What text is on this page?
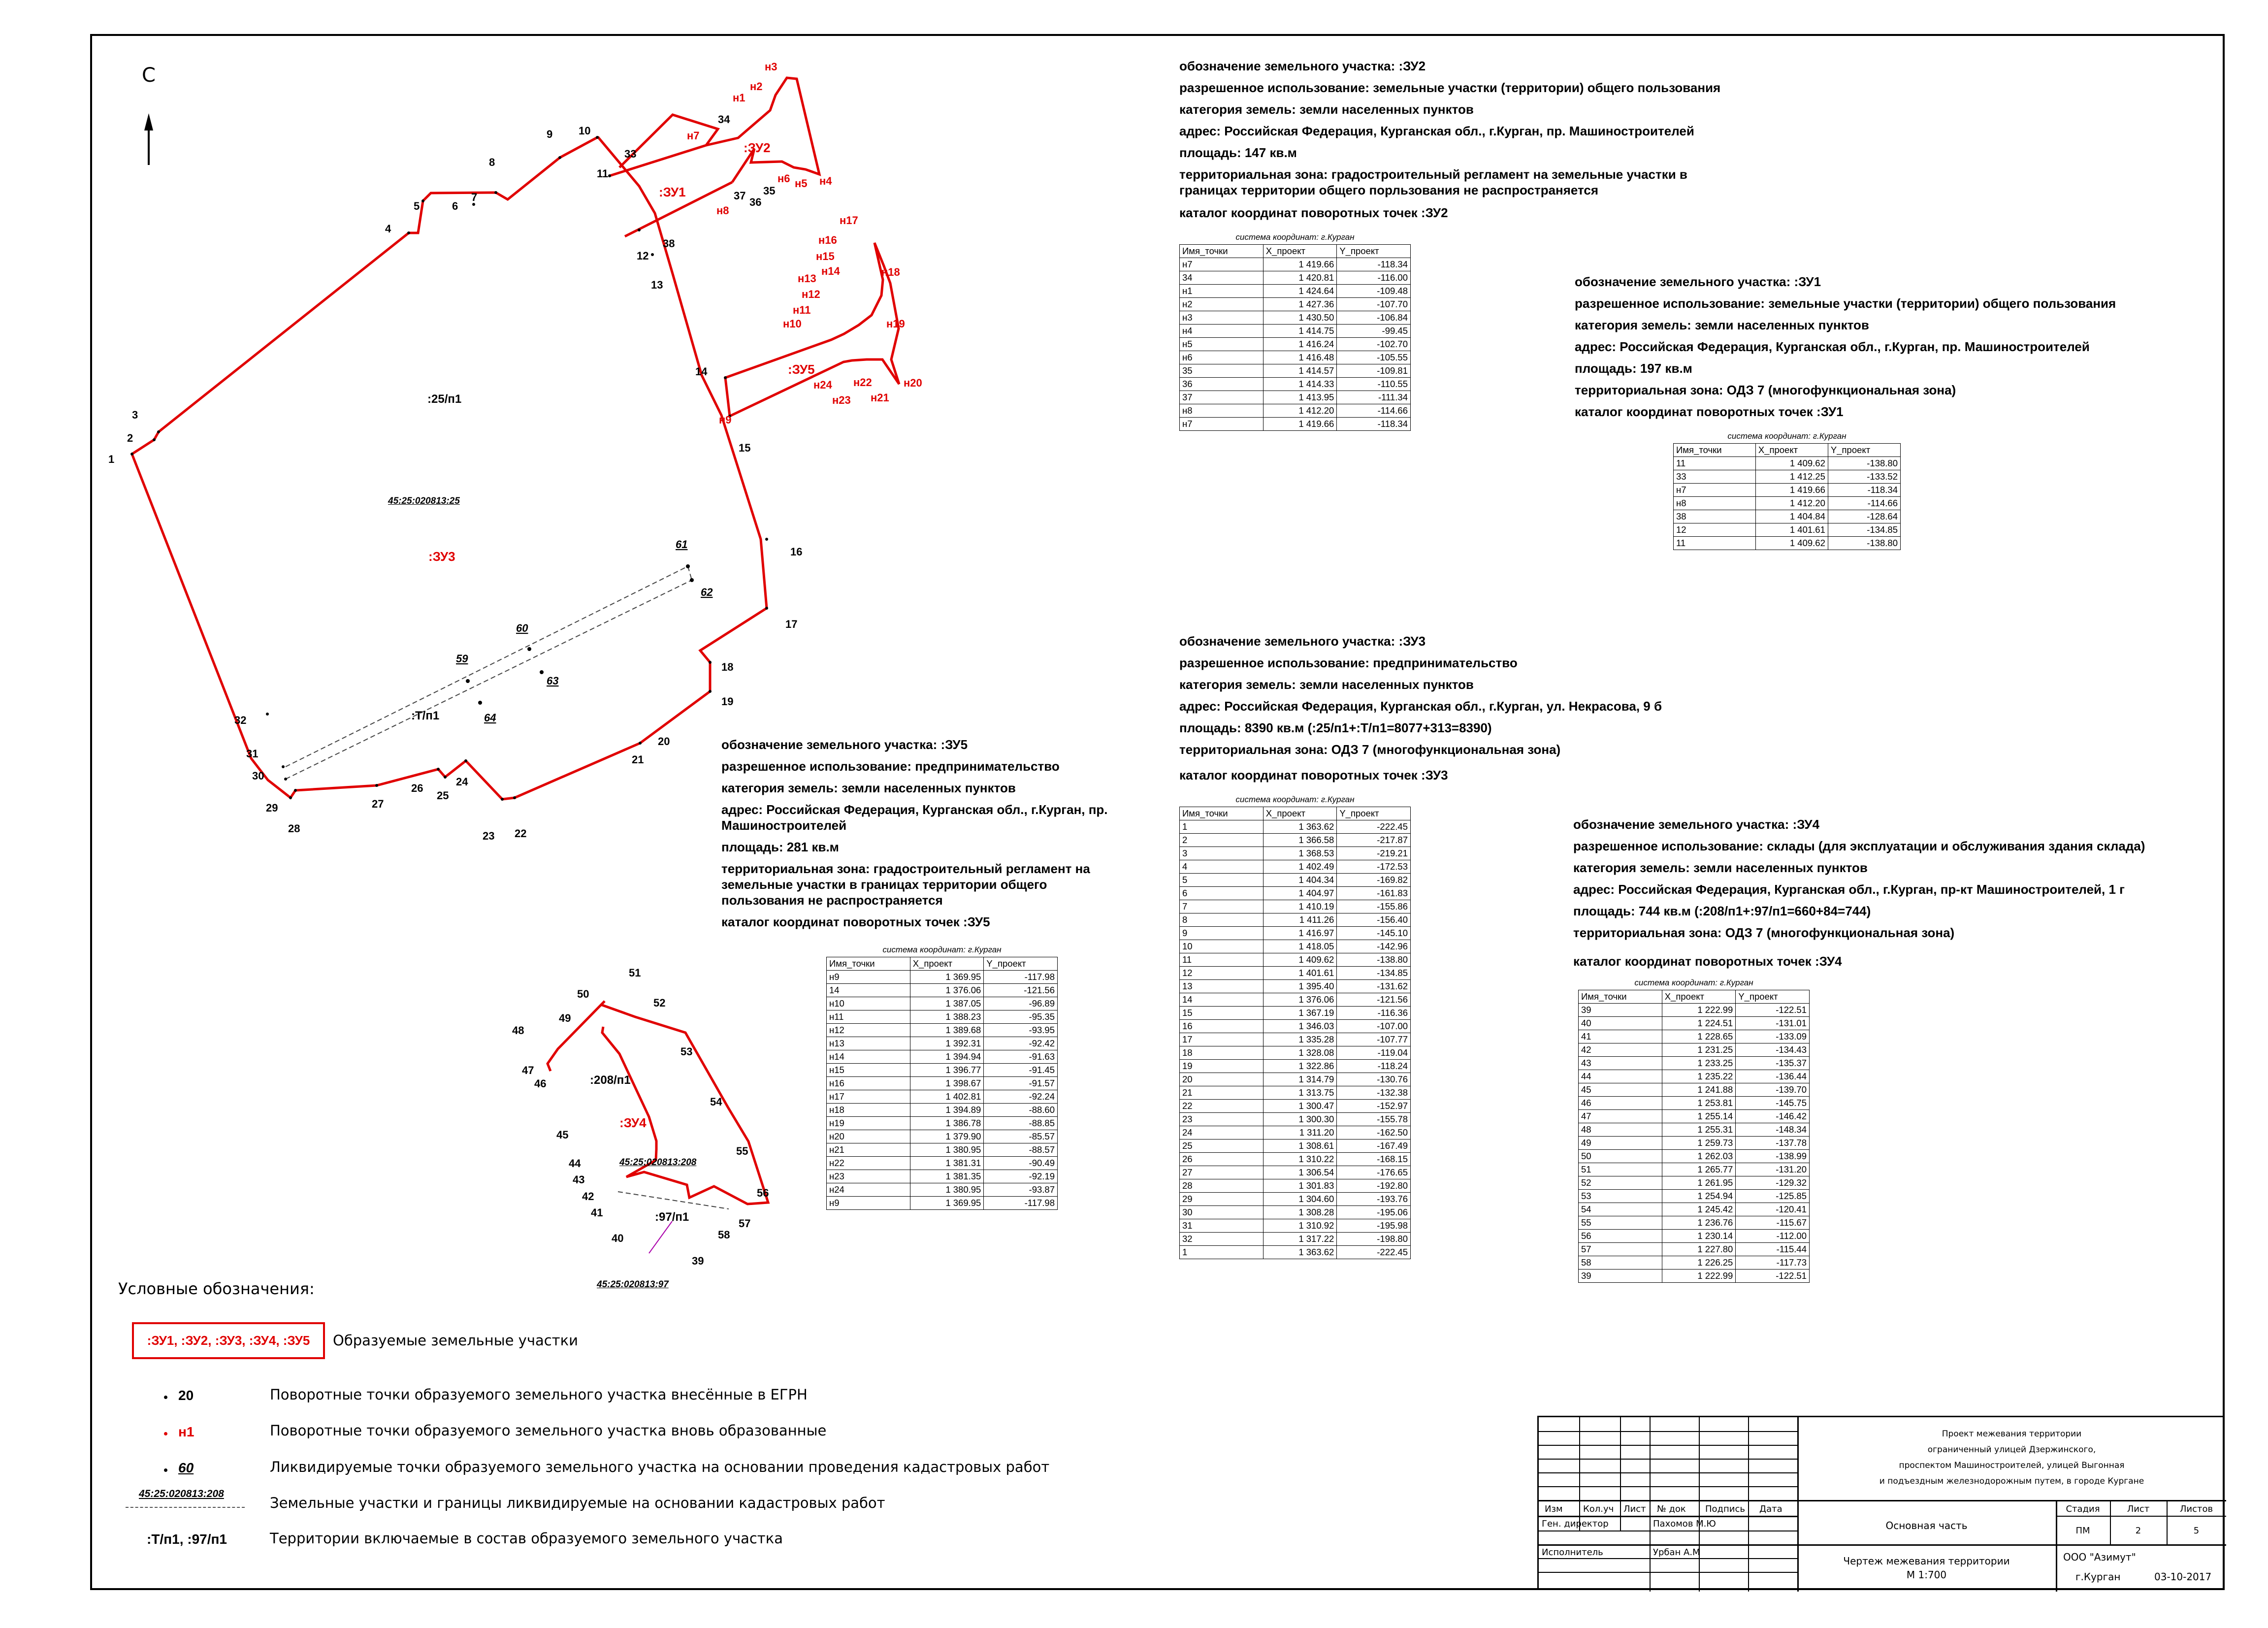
С
1
2
3
4
5	6
7
8
9 10
11
12
13
14
15
16
17
18
19
20
21
22
23
24
25
26
27
28
29
30
31
32
33
34
35
36
37
38
39
40
41
42
43
44
45
46
47
48
49
50
51
52
53
54
55
56
57
58
н1
н2
н3
н4
н5
н6
н7
н8
н9
н10
н11
н12
н13
н14
н15
н16
н17
н18
н19
н20
н21
н22
н23
н24
61
62
60
63
59
64
:25/п1
45:25:020813:25
:ЗУ3
:ЗУ1
:ЗУ2
:ЗУ5
:ЗУ4
:Т/п1
:208/п1
:97/п1
45:25:020813:208
45:25:020813:97
обозначение земельного участка: :ЗУ2
разрешенное использование: земельные участки (территории) общего пользования
категория земель: земли населенных пунктов
адрес: Российская Федерация, Курганская обл., г.Курган, пр. Машиностроителей
площадь: 147 кв.м
территориальная зона: градостроительный регламент на земельные участки в границах территории общего порльзования не распространяется
каталог координат поворотных точек :ЗУ2
система координат: г.Курган
Имя_точки	X_проект	Y_проект
н7	1 419.66	-118.34
34	1 420.81	-116.00
н1	1 424.64	-109.48
н2	1 427.36	-107.70
н3	1 430.50	-106.84
н4	1 414.75	-99.45
н5	1 416.24	-102.70
н6	1 416.48	-105.55
35	1 414.57	-109.81
36	1 414.33	-110.55
37	1 413.95	-111.34
н8	1 412.20	-114.66
н7	1 419.66	-118.34
обозначение земельного участка: :ЗУ1
разрешенное использование: земельные участки (территории) общего пользования
категория земель: земли населенных пунктов
адрес: Российская Федерация, Курганская обл., г.Курган, пр. Машиностроителей
площадь: 197 кв.м
территориальная зона: ОДЗ 7 (многофункциональная зона)
каталог координат поворотных точек :ЗУ1
система координат: г.Курган
Имя_точки	X_проект	Y_проект
11	1 409.62	-138.80
33	1 412.25	-133.52
н7	1 419.66	-118.34
н8	1 412.20	-114.66
38	1 404.84	-128.64
12	1 401.61	-134.85
11	1 409.62	-138.80
обозначение земельного участка: :ЗУ3
разрешенное использование: предпринимательство
категория земель: земли населенных пунктов
адрес: Российская Федерация, Курганская обл., г.Курган, ул. Некрасова, 9 б
площадь: 8390 кв.м (:25/п1+:Т/п1=8077+313=8390)
территориальная зона: ОДЗ 7 (многофункциональная зона)
каталог координат поворотных точек :ЗУ3
система координат: г.Курган
Имя_точки	X_проект	Y_проект
1	1 363.62	-222.45
2	1 366.58	-217.87
3	1 368.53	-219.21
4	1 402.49	-172.53
5	1 404.34	-169.82
6	1 404.97	-161.83
7	1 410.19	-155.86
8	1 411.26	-156.40
9	1 416.97	-145.10
10	1 418.05	-142.96
11	1 409.62	-138.80
12	1 401.61	-134.85
13	1 395.40	-131.62
14	1 376.06	-121.56
15	1 367.19	-116.36
16	1 346.03	-107.00
17	1 335.28	-107.77
18	1 328.08	-119.04
19	1 322.86	-118.24
20	1 314.79	-130.76
21	1 313.75	-132.38
22	1 300.47	-152.97
23	1 300.30	-155.78
24	1 311.20	-162.50
25	1 308.61	-167.49
26	1 310.22	-168.15
27	1 306.54	-176.65
28	1 301.83	-192.80
29	1 304.60	-193.76
30	1 308.28	-195.06
31	1 310.92	-195.98
32	1 317.22	-198.80
1	1 363.62	-222.45
обозначение земельного участка: :ЗУ5
разрешенное использование: предпринимательство
категория земель: земли населенных пунктов
адрес: Российская Федерация, Курганская обл., г.Курган, пр. Машиностроителей
площадь: 281 кв.м
территориальная зона: градостроительный регламент на земельные участки в границах территории общего пользования не распространяется
каталог координат поворотных точек :ЗУ5
система координат: г.Курган
Имя_точки	X_проект	Y_проект
н9	1 369.95	-117.98
14	1 376.06	-121.56
н10	1 387.05	-96.89
н11	1 388.23	-95.35
н12	1 389.68	-93.95
н13	1 392.31	-92.42
н14	1 394.94	-91.63
н15	1 396.77	-91.45
н16	1 398.67	-91.57
н17	1 402.81	-92.24
н18	1 394.89	-88.60
н19	1 386.78	-88.85
н20	1 379.90	-85.57
н21	1 380.95	-88.57
н22	1 381.31	-90.49
н23	1 381.35	-92.19
н24	1 380.95	-93.87
н9	1 369.95	-117.98
обозначение земельного участка: :ЗУ4
разрешенное использование: склады (для эксплуатации и обслуживания здания склада)
категория земель: земли населенных пунктов
адрес: Российская Федерация, Курганская обл., г.Курган, пр-кт Машиностроителей, 1 г
площадь: 744 кв.м (:208/п1+:97/п1=660+84=744)
территориальная зона: ОДЗ 7 (многофункциональная зона)
каталог координат поворотных точек :ЗУ4
система координат: г.Курган
Имя_точки	X_проект	Y_проект
39	1 222.99	-122.51
40	1 224.51	-131.01
41	1 228.65	-133.09
42	1 231.25	-134.43
43	1 233.25	-135.37
44	1 235.22	-136.44
45	1 241.88	-139.70
46	1 253.81	-145.75
47	1 255.14	-146.42
48	1 255.31	-148.34
49	1 259.73	-137.78
50	1 262.03	-138.99
51	1 265.77	-131.20
52	1 261.95	-129.32
53	1 254.94	-125.85
54	1 245.42	-120.41
55	1 236.76	-115.67
56	1 230.14	-112.00
57	1 227.80	-115.44
58	1 226.25	-117.73
39	1 222.99	-122.51
Условные обозначения:
:ЗУ1, :ЗУ2, :ЗУ3, :ЗУ4, :ЗУ5 Образуемые земельные участки
20	Поворотные точки образуемого земельного участка внесённые в ЕГРН
н1	Поворотные точки образуемого земельного участка вновь образованные
60	Ликвидируемые точки образуемого земельного участка на основании проведения кадастровых работ
45:25:020813:208
Земельные участки и границы ликвидируемые на основании кадастровых работ
:Т/п1, :97/п1	Территории включаемые в состав образуемого земельного участка
Изм Кол.уч Лист № док Подпись Дата
Ген. директор	Пахомов М.Ю
Исполнитель	Урбан А.М
Проект межевания территории
ограниченный улицей Дзержинского,
проспектом Машиностроителей, улицей Выгонная
и подъездным железнодорожным путем, в городе Кургане
Основная часть
Стадия	Лист	Листов
ПМ	2	5
Чертеж межевания территории
М 1:700
ООО "Азимут"
г.Курган	03-10-2017
